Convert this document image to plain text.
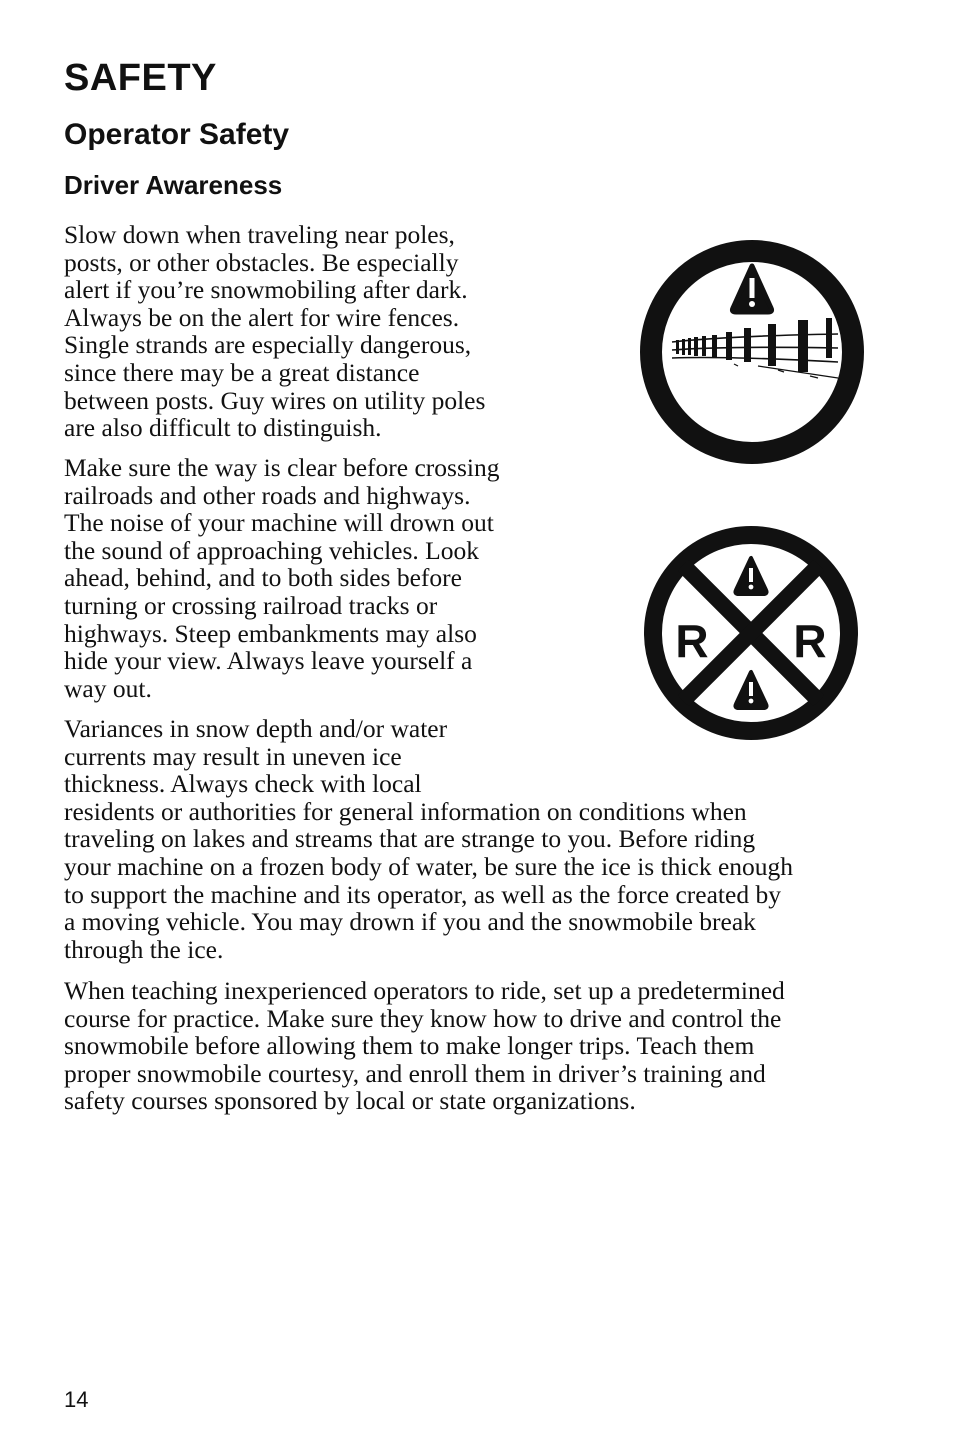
SAFETY
Operator Safety
Driver Awareness

Slow down when traveling near poles,
posts, or other obstacles. Be especially
alert if you’re snowmobiling after dark.
Always be on the alert for wire fences.
Single strands are especially dangerous,
since there may be a great distance
between posts. Guy wires on utility poles
are also difficult to distinguish.

Make sure the way is clear before crossing
railroads and other roads and highways.
The noise of your machine will drown out
the sound of approaching vehicles. Look
ahead, behind, and to both sides before
turning or crossing railroad tracks or
highways. Steep embankments may also
hide your view. Always leave yourself a
way out.

Variances in snow depth and/or water
currents may result in uneven ice
thickness. Always check with local
residents or authorities for general information on conditions when
traveling on lakes and streams that are strange to you. Before riding
your machine on a frozen body of water, be sure the ice is thick enough
to support the machine and its operator, as well as the force created by
a moving vehicle. You may drown if you and the snowmobile break
through the ice.

When teaching inexperienced operators to ride, set up a predetermined
course for practice. Make sure they know how to drive and control the
snowmobile before allowing them to make longer trips. Teach them
proper snowmobile courtesy, and enroll them in driver’s training and
safety courses sponsored by local or state organizations.

R R
14
